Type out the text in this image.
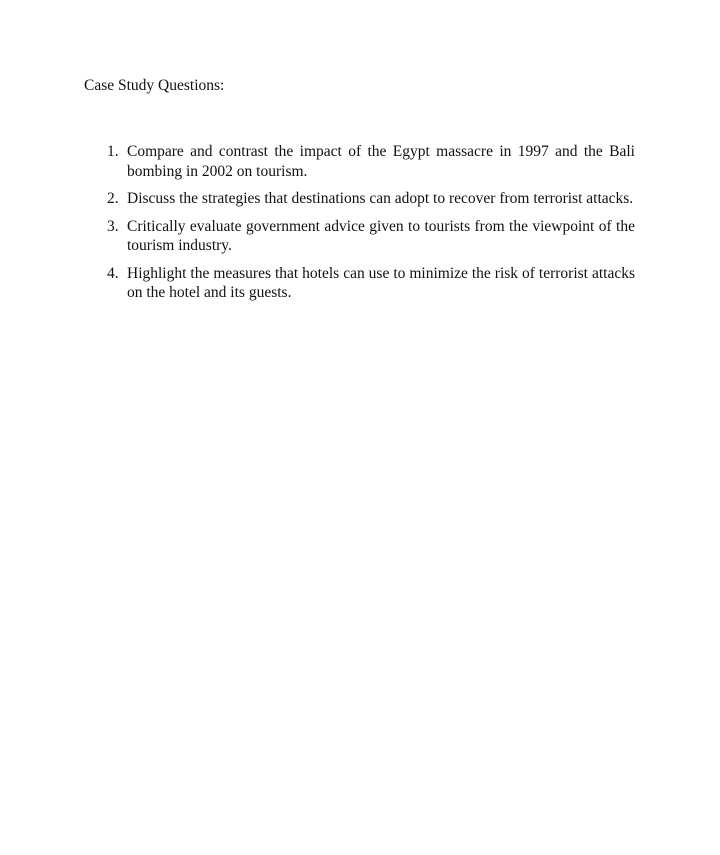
Case Study Questions:
1. Compare and contrast the impact of the Egypt massacre in 1997 and the Bali bombing in 2002 on tourism.
2. Discuss the strategies that destinations can adopt to recover from terrorist attacks.
3. Critically evaluate government advice given to tourists from the viewpoint of the tourism industry.
4. Highlight the measures that hotels can use to minimize the risk of terrorist attacks on the hotel and its guests.
